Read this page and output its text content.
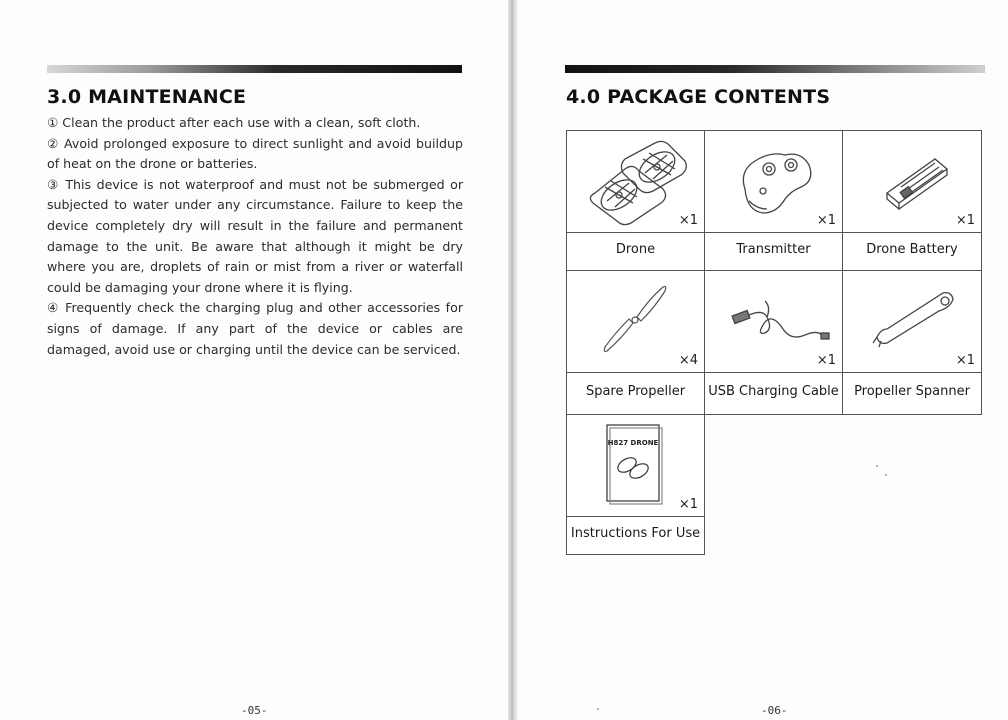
3.0 MAINTENANCE

① Clean the product after each use with a clean, soft cloth.

② Avoid prolonged exposure to direct sunlight and avoid buildup of heat on the drone or batteries.

③ This device is not waterproof and must not be submerged or subjected to water under any circumstance. Failure to keep the device completely dry will result in the failure and permanent damage to the unit. Be aware that although it might be dry where you are, droplets of rain or mist from a river or waterfall could be damaging your drone where it is flying.

④ Frequently check the charging plug and other accessories for signs of damage. If any part of the device or cables are damaged, avoid use or charging until the device can be serviced.

-05-
4.0 PACKAGE CONTENTS
×1
Drone
×1
Transmitter
×1
Drone Battery
×4
Spare Propeller
×1
USB Charging Cable
×1
Propeller Spanner
H827 DRONE
×1
Instructions For Use
-06-
